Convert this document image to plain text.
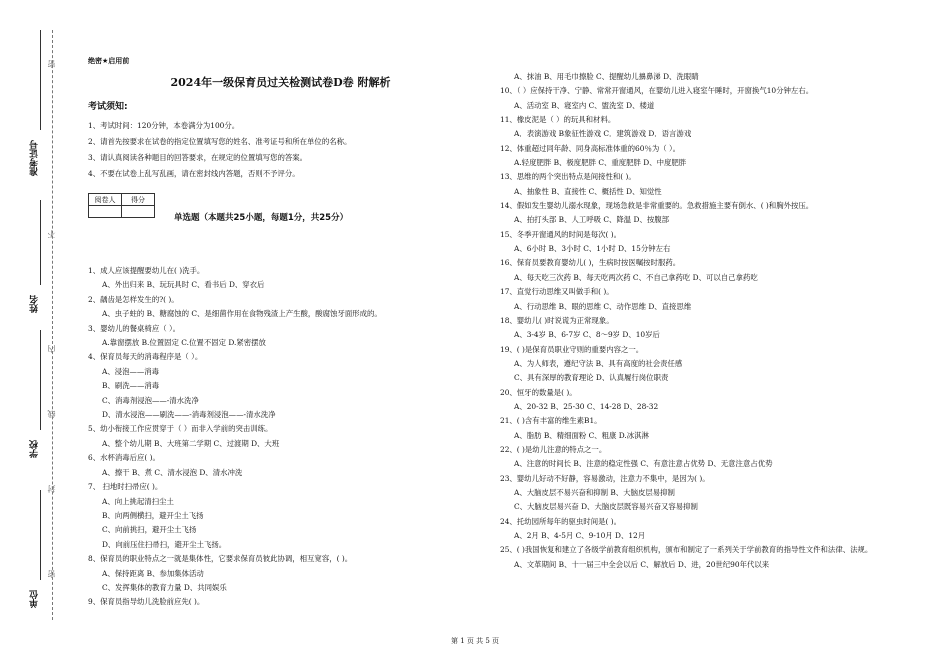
准考证号
姓名
学校
单位
密
不
内
线
封
密
绝密★启用前
2024年一级保育员过关检测试卷D卷 附解析
考试须知:
1、考试时间：120分钟，本卷满分为100分。
2、请首先按要求在试卷的指定位置填写您的姓名、准考证号和所在单位的名称。
3、请认真阅读各种题目的回答要求，在规定的位置填写您的答案。
4、不要在试卷上乱写乱画，请在密封线内答题，否则不予评分。
阅卷人	得分

单选题（本题共25小题，每题1分，共25分）
1、成人应该提醒要幼儿在( )洗手。
A、外出归来 B、玩玩具时 C、看书后 D、穿衣后
2、龋齿是怎样发生的?( )。
A、虫子蛀的 B、糖腐蚀的 C、是细菌作用在食物残渣上产生酸，酸腐蚀牙面形成的。
3、婴幼儿的餐桌椅应（ ）。
A.靠窗摆放 B.位置固定 C.位置不固定 D.紧密摆放
4、保育员每天的消毒程序是（ ）。
A、浸泡——消毒
B、刷洗——消毒
C、消毒剂浸泡——-清水洗净
D、清水浸泡——刷洗——-消毒剂浸泡——-清水洗净
5、幼小衔接工作应贯穿于（ ）而非入学前的突击训练。
A、整个幼儿期 B、大班第二学期 C、过渡期 D、大班
6、水杯消毒后应( )。
A、擦干 B、煮 C、清水浸泡 D、清水冲洗
7、 扫地时扫帚应( )。
A、向上挑起清扫尘土
B、向两侧横扫，避开尘土飞扬
C、向前挑扫，避开尘土飞扬
D、向前压住扫帚扫，避开尘土飞扬。
8、保育员的职业特点之一就是集体性，它要求保育员彼此协调，相互宽容，( )。
A、保持距离 B、参加集体活动
C、发挥集体的教育力量 D、共同娱乐
9、保育员指导幼儿洗脸前应先( )。
A、抹油 B、用毛巾擦脸 C、提醒幼儿擤鼻涕 D、洗眼睛
10、（ ）应保持干净、宁静、常常开窗通风，在婴幼儿进入寝室午睡时，开窗换气10分钟左右。
A、活动室 B、寝室内 C、盥洗室 D、楼道
11、橡皮泥是（ ）的玩具和材料。
A．表演游戏 B象征性游戏 C．建筑游戏 D．语言游戏
12、体重超过同年龄、同身高标准体重的60％为（ ）。
A.轻度肥胖 B、极度肥胖 C、重度肥胖 D、中度肥胖
13、思维的两个突出特点是间接性和( )。
A、抽象性 B、直接性 C、概括性 D、知觉性
14、假如发生婴幼儿溺水现象，现场急救是非常重要的。急救措施主要有倒水、( )和胸外按压。
A、拍打头部 B、人工呼吸 C、降温 D、按腹部
15、冬季开窗通风的时间是每次( )。
A、6小时 B、3小时 C、1小时 D、15分钟左右
16、保育员要教育婴幼儿( )，生病时按医嘱按时服药。
A、每天吃三次药 B、每天吃两次药 C、不自己拿药吃 D、可以自己拿药吃
17、直觉行动思维又叫做手和( )。
A、行动思维 B、眼的思维 C、动作思维 D、直接思维
18、婴幼儿( )时说谎为正常现象。
A、3-4岁 B、6-7岁 C、8～9岁 D、10岁后
19、( )是保育员职业守则的重要内容之一。
A、为人师表，遵纪守法 B、具有高度的社会责任感
C、具有深厚的教育理论 D、认真履行岗位职责
20、恒牙的数量是( )。
A、20-32 B、25-30 C、14-28 D、28-32
21、( )含有丰富的维生素B1。
A、脂肪 B、精细面粉 C、粗康 D.冰淇淋
22、( )是幼儿注意的特点之一。
A、注意的时间长 B、注意的稳定性强 C、有意注意占优势 D、无意注意占优势
23、婴幼儿好动不好静，容易激动，注意力不集中，是因为( )。
A、大脑皮层不易兴奋和抑制 B、大脑皮层易抑制
C、大脑皮层易兴奋 D、大脑皮层既容易兴奋又容易抑制
24、托幼园所每年的驱虫时间是( )。
A、2月 B、4-5月 C、9-10月 D、12月
25、( )我国恢复和建立了各级学前教育组织机构，颁布和制定了一系列关于学前教育的指导性文件和法律、法规。
A、文革期间 B、十一届三中全会以后 C、解放后 D、进，20世纪90年代以来
第 1 页 共 5 页
